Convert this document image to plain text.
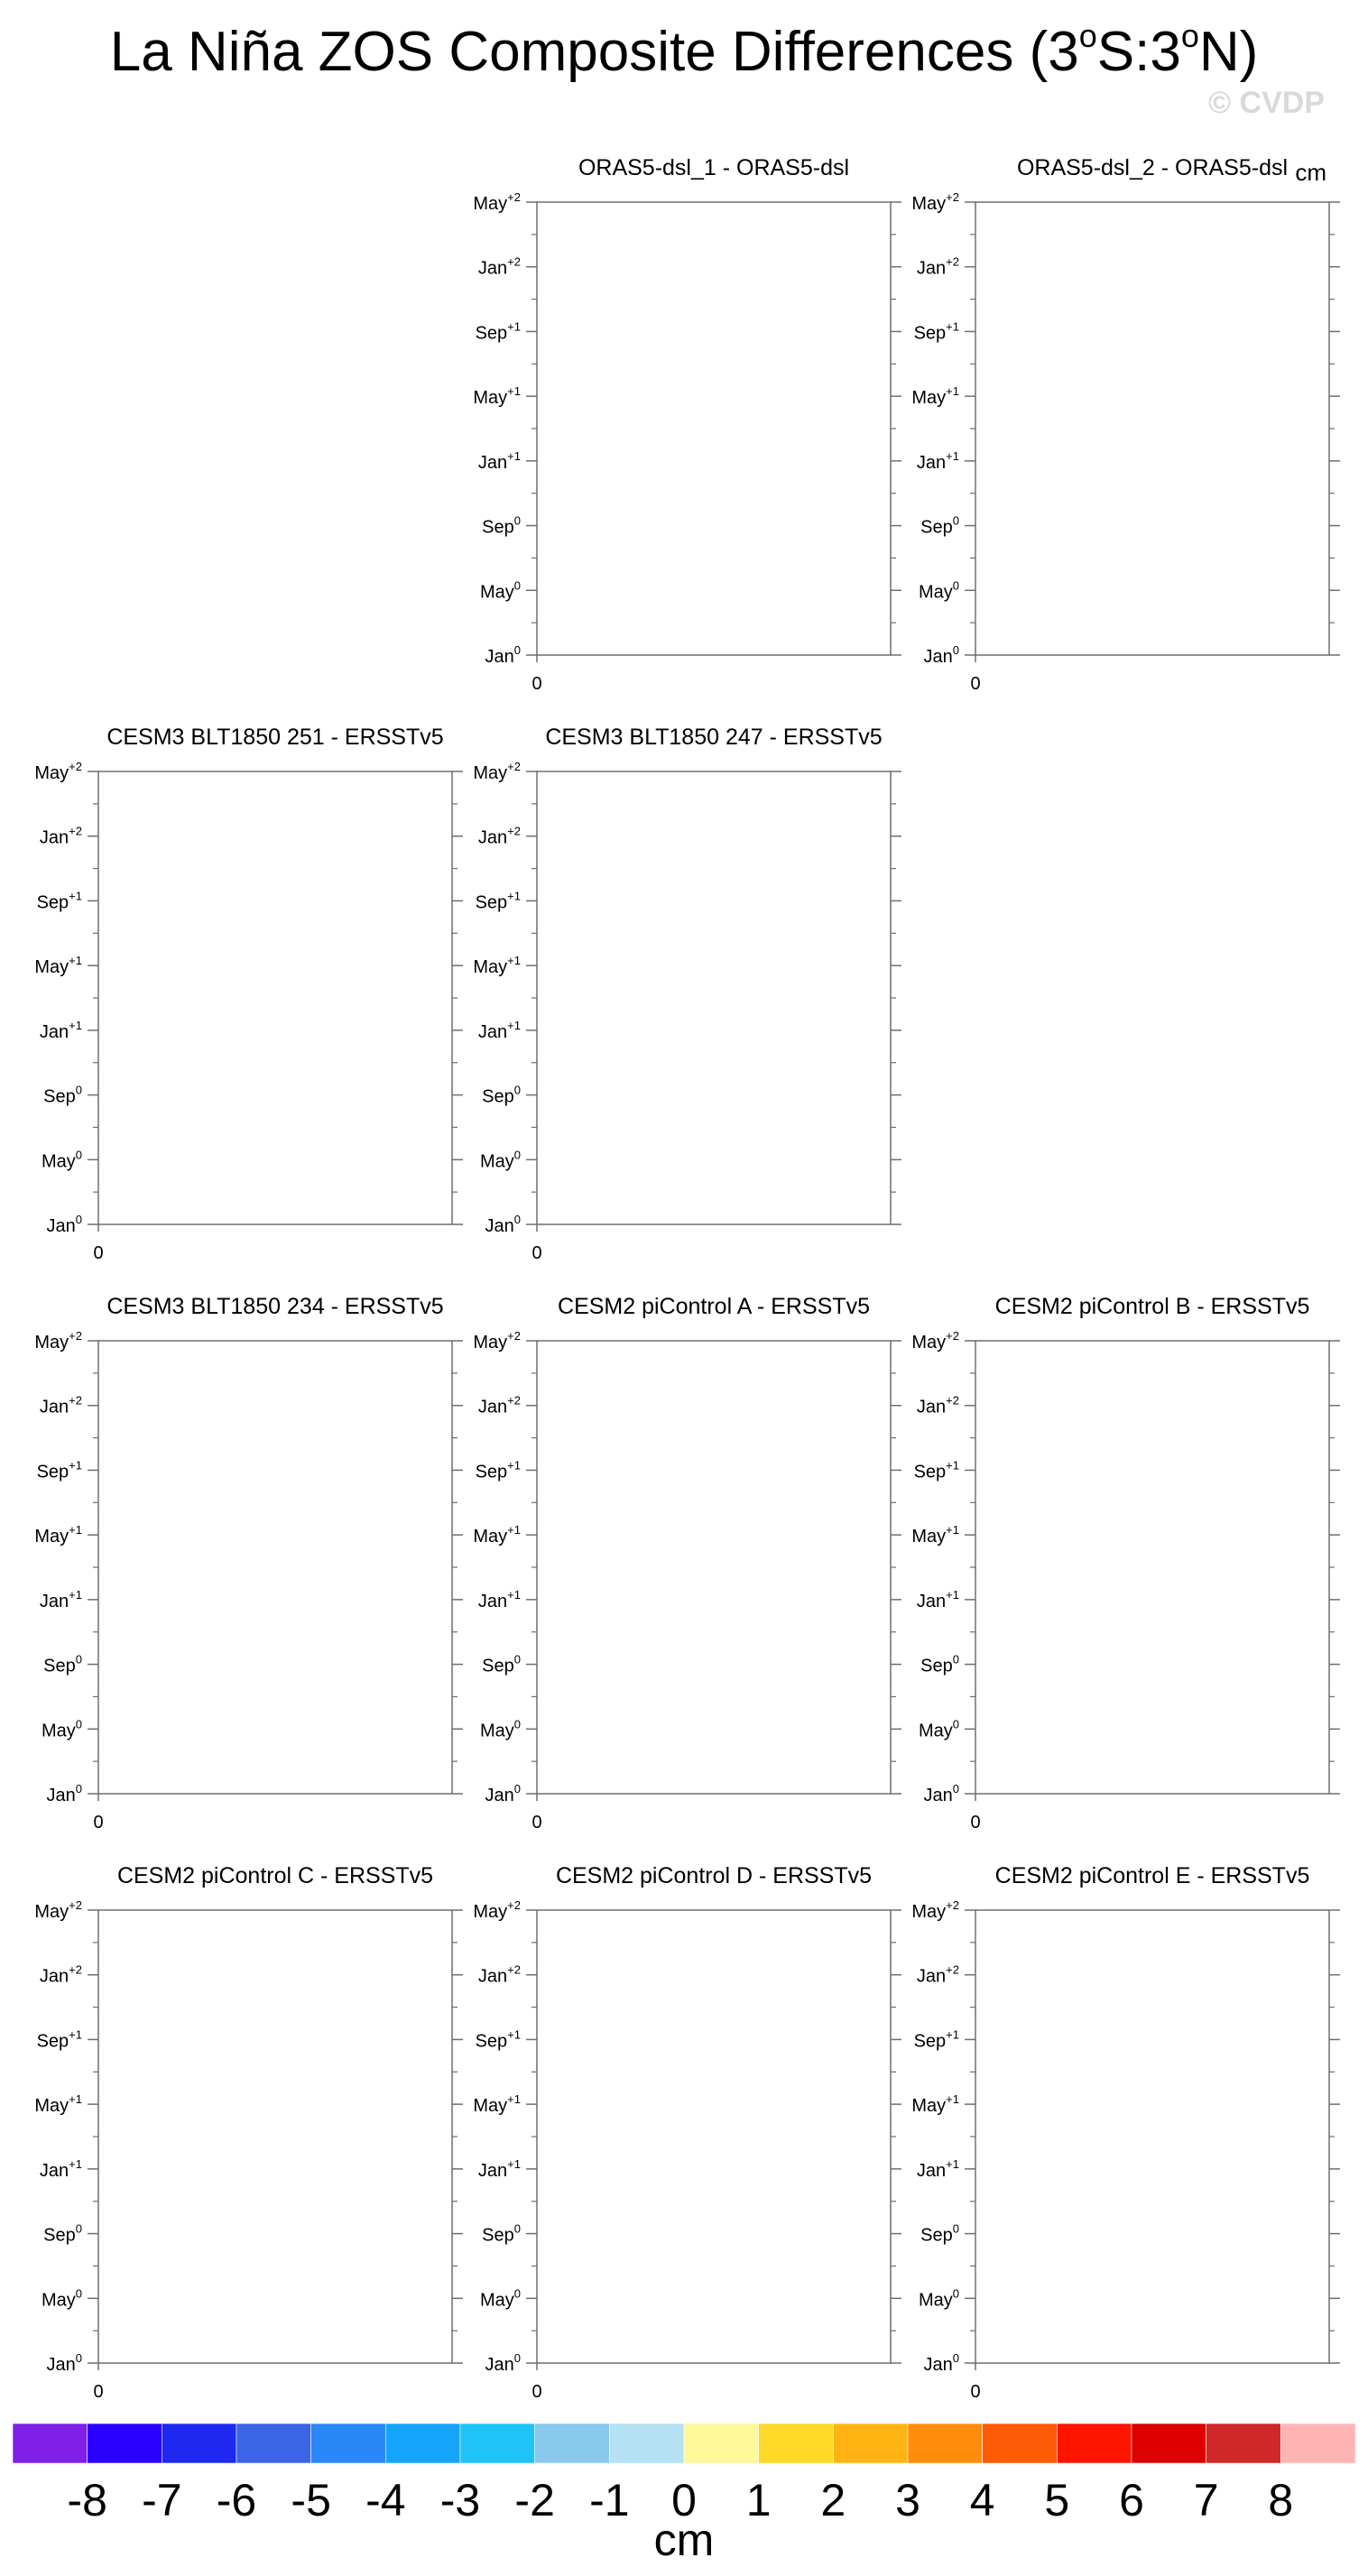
La Niña ZOS Composite Differences (3$^o$S:3$^o$N)
© CVDP
cm
ORAS5-dsl_1 - ORAS5-dsl
May$^{+2}$
Jan$^{+2}$
Sep$^{+1}$
May$^{+1}$
Jan$^{+1}$
Sep$^0$
May$^0$
Jan$^0$
0
ORAS5-dsl_2 - ORAS5-dsl
May$^{+2}$
Jan$^{+2}$
Sep$^{+1}$
May$^{+1}$
Jan$^{+1}$
Sep$^0$
May$^0$
Jan$^0$
0
CESM3 BLT1850 251 - ERSSTv5
May$^{+2}$
Jan$^{+2}$
Sep$^{+1}$
May$^{+1}$
Jan$^{+1}$
Sep$^0$
May$^0$
Jan$^0$
0
CESM3 BLT1850 247 - ERSSTv5
May$^{+2}$
Jan$^{+2}$
Sep$^{+1}$
May$^{+1}$
Jan$^{+1}$
Sep$^0$
May$^0$
Jan$^0$
0
CESM3 BLT1850 234 - ERSSTv5
May$^{+2}$
Jan$^{+2}$
Sep$^{+1}$
May$^{+1}$
Jan$^{+1}$
Sep$^0$
May$^0$
Jan$^0$
0
CESM2 piControl A - ERSSTv5
May$^{+2}$
Jan$^{+2}$
Sep$^{+1}$
May$^{+1}$
Jan$^{+1}$
Sep$^0$
May$^0$
Jan$^0$
0
CESM2 piControl B - ERSSTv5
May$^{+2}$
Jan$^{+2}$
Sep$^{+1}$
May$^{+1}$
Jan$^{+1}$
Sep$^0$
May$^0$
Jan$^0$
0
CESM2 piControl C - ERSSTv5
May$^{+2}$
Jan$^{+2}$
Sep$^{+1}$
May$^{+1}$
Jan$^{+1}$
Sep$^0$
May$^0$
Jan$^0$
0
CESM2 piControl D - ERSSTv5
May$^{+2}$
Jan$^{+2}$
Sep$^{+1}$
May$^{+1}$
Jan$^{+1}$
Sep$^0$
May$^0$
Jan$^0$
0
CESM2 piControl E - ERSSTv5
May$^{+2}$
Jan$^{+2}$
Sep$^{+1}$
May$^{+1}$
Jan$^{+1}$
Sep$^0$
May$^0$
Jan$^0$
0
-8 -7 -6 -5 -4 -3 -2 -1 0 1 2 3 4 5 6 7 8
cm
